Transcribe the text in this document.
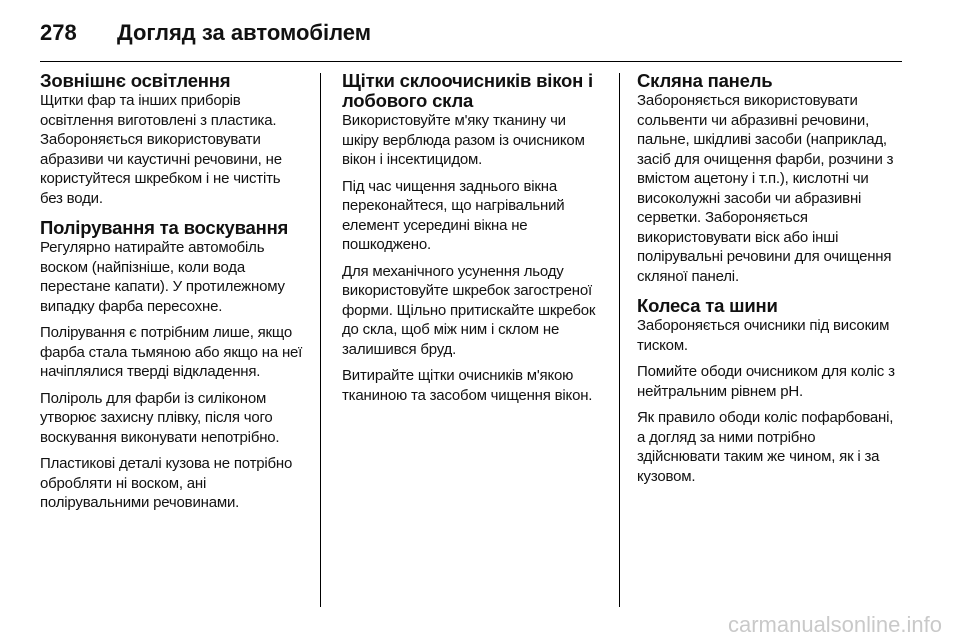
278 Догляд за автомобілем
Зовнішнє освітлення

Щитки фар та інших приборів освітлення виготовлені з пластика. Забороняється використовувати абразиви чи каустичні речовини, не користуйтеся шкребком і не чистіть без води.

Полірування та воскування

Регулярно натирайте автомобіль воском (найпізніше, коли вода перестане капати). У протилежному випадку фарба пересохне.

Полірування є потрібним лише, якщо фарба стала тьмяною або якщо на неї начіплялися тверді відкладення.

Поліроль для фарби із силіконом утворює захисну плівку, після чого воскування виконувати непотрібно.

Пластикові деталі кузова не потрібно обробляти ні воском, ані полірувальними речовинами.

Щітки склоочисників вікон і лобового скла

Використовуйте м'яку тканину чи шкіру верблюда разом із очисником вікон і інсектицидом.

Під час чищення заднього вікна переконайтеся, що нагрівальний елемент усередині вікна не пошкоджено.

Для механічного усунення льоду використовуйте шкребок загостреної форми. Щільно притискайте шкребок до скла, щоб між ним і склом не залишився бруд.

Витирайте щітки очисників м'якою тканиною та засобом чищення вікон.

Скляна панель

Забороняється використовувати сольвенти чи абразивні речовини, пальне, шкідливі засоби (наприклад, засіб для очищення фарби, розчини з вмістом ацетону і т.п.), кислотні чи високолужні засоби чи абразивні серветки. Забороняється використовувати віск або інші полірувальні речовини для очищення скляної панелі.

Колеса та шини

Забороняється очисники під високим тиском.

Помийте ободи очисником для коліс з нейтральним рівнем pH.

Як правило ободи коліс пофарбовані, а догляд за ними потрібно здійснювати таким же чином, як і за кузовом.

carmanualsonline.info
